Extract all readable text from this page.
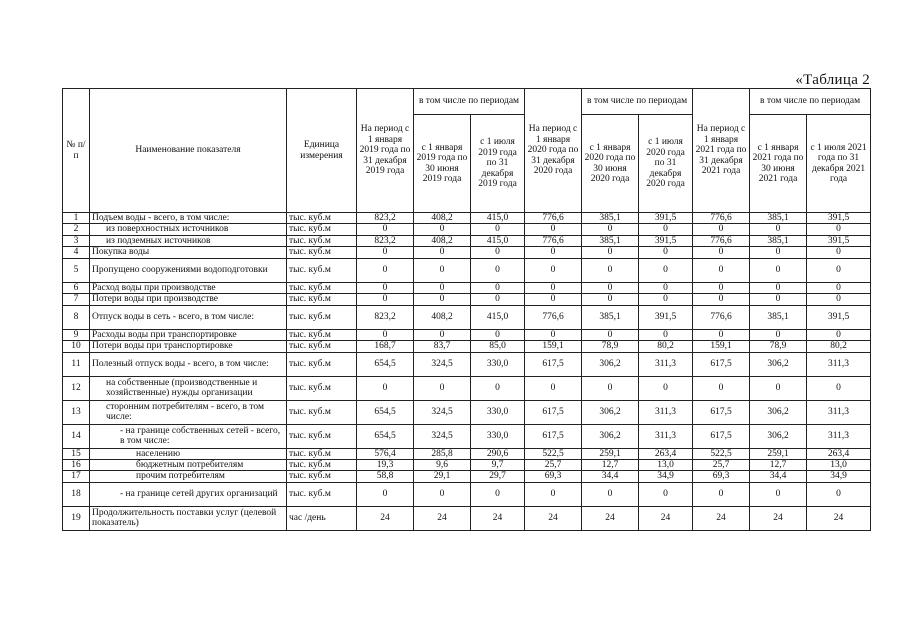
«Таблица 2
№ п/п	Наименование показателя	Единица измерения	На период с 1 января 2019 года по 31 декабря 2019 года	в том числе по периодам		На период с 1 января 2020 года по 31 декабря 2020 года	в том числе по периодам		На период с 1 января 2021 года по 31 декабря 2021 года	в том числе по периодам	
				с 1 января 2019 года по 30 июня 2019 года	с 1 июля 2019 года по 31 декабря 2019 года		с 1 января 2020 года по 30 июня 2020 года	с 1 июля 2020 года по 31 декабря 2020 года		с 1 января 2021 года по 30 июня 2021 года	с 1 июля 2021 года по 31 декабря 2021 года
1	Подъем воды - всего, в том числе:	тыс. куб.м	823,2	408,2	415,0	776,6	385,1	391,5	776,6	385,1	391,5
2	из поверхностных источников	тыс. куб.м	0	0	0	0	0	0	0	0	0
3	из подземных источников	тыс. куб.м	823,2	408,2	415,0	776,6	385,1	391,5	776,6	385,1	391,5
4	Покупка воды	тыс. куб.м	0	0	0	0	0	0	0	0	0
5	Пропущено сооружениями водоподготовки	тыс. куб.м	0	0	0	0	0	0	0	0	0
6	Расход воды при производстве	тыс. куб.м	0	0	0	0	0	0	0	0	0
7	Потери воды при производстве	тыс. куб.м	0	0	0	0	0	0	0	0	0
8	Отпуск воды в сеть - всего, в том числе:	тыс. куб.м	823,2	408,2	415,0	776,6	385,1	391,5	776,6	385,1	391,5
9	Расходы воды при транспортировке	тыс. куб.м	0	0	0	0	0	0	0	0	0
10	Потери воды при транспортировке	тыс. куб.м	168,7	83,7	85,0	159,1	78,9	80,2	159,1	78,9	80,2
11	Полезный отпуск воды - всего, в том числе:	тыс. куб.м	654,5	324,5	330,0	617,5	306,2	311,3	617,5	306,2	311,3
12	на собственные (производственные и хозяйственные) нужды организации	тыс. куб.м	0	0	0	0	0	0	0	0	0
13	сторонним потребителям - всего, в том числе:	тыс. куб.м	654,5	324,5	330,0	617,5	306,2	311,3	617,5	306,2	311,3
14	- на границе собственных сетей - всего, в том числе:	тыс. куб.м	654,5	324,5	330,0	617,5	306,2	311,3	617,5	306,2	311,3
15	населению	тыс. куб.м	576,4	285,8	290,6	522,5	259,1	263,4	522,5	259,1	263,4
16	бюджетным потребителям	тыс. куб.м	19,3	9,6	9,7	25,7	12,7	13,0	25,7	12,7	13,0
17	прочим потребителям	тыс. куб.м	58,8	29,1	29,7	69,3	34,4	34,9	69,3	34,4	34,9
18	- на границе сетей других организаций	тыс. куб.м	0	0	0	0	0	0	0	0	0
19	Продолжительность поставки услуг (целевой показатель)	час /день	24	24	24	24	24	24	24	24	24
